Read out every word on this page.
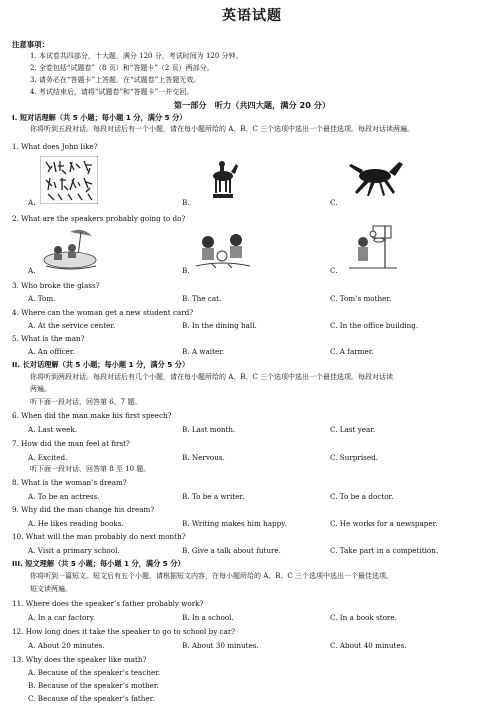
英语试题
注意事项：
1. 本试卷共四部分，十大题，满分 120 分，考试时间为 120 分钟。
2. 全卷包括“试题卷”（8 页）和“答题卡”（2 页）两部分。
3. 请务必在“答题卡”上答题，在“试题卷”上答题无效。
4. 考试结束后，请将“试题卷”和“答题卡”一并交回。
第一部分　听力（共四大题，满分 20 分）
I. 短对话理解（共 5 小题；每小题 1 分，满分 5 分）
你将听到五段对话。每段对话后有一个小题，请在每小题所给的 A、B、C 三个选项中选出一个最佳选项。每段对话读两遍。
1. What does John like?
A.	B.	C.
2. What are the speakers probably going to do?
A.	B.	C.
3. Who broke the glass?
A. Tom.	B. The cat.	C. Tom’s mother.
4. Where can the woman get a new student card?
A. At the service center.	B. In the dining hall.	C. In the office building.
5. What is the man?
A. An officer.	B. A waiter.	C. A farmer.
II. 长对话理解（共 5 小题；每小题 1 分，满分 5 分）
你将听到两段对话。每段对话后有几个小题，请在每小题所给的 A、B、C 三个选项中选出一个最佳选项。每段对话读
两遍。
听下面一段对话，回答第 6、7 题。
6. When did the man make his first speech?
A. Last week.	B. Last month.	C. Last year.
7. How did the man feel at first?
A. Excited.	B. Nervous.	C. Surprised.
听下面一段对话，回答第 8 至 10 题。
8. What is the woman’s dream?
A. To be an actress.	B. To be a writer.	C. To be a doctor.
9. Why did the man change his dream?
A. He likes reading books.	B. Writing makes him happy.	C. He works for a newspaper.
10. What will the man probably do next month?
A. Visit a primary school.	B. Give a talk about future.	C. Take part in a competition.
III. 短文理解（共 5 小题；每小题 1 分，满分 5 分）
你将听到一篇短文。短文后有五个小题，请根据短文内容，在每小题所给的 A、B、C 三个选项中选出一个最佳选项。
短文读两遍。
11. Where does the speaker’s father probably work?
A. In a car factory.	B. In a school.	C. In a book store.
12. How long does it take the speaker to go to school by car?
A. About 20 minutes.	B. About 30 minutes.	C. About 40 minutes.
13. Why does the speaker like math?
A. Because of the speaker’s teacher.
B. Because of the speaker’s mother.
C. Because of the speaker’s father.
